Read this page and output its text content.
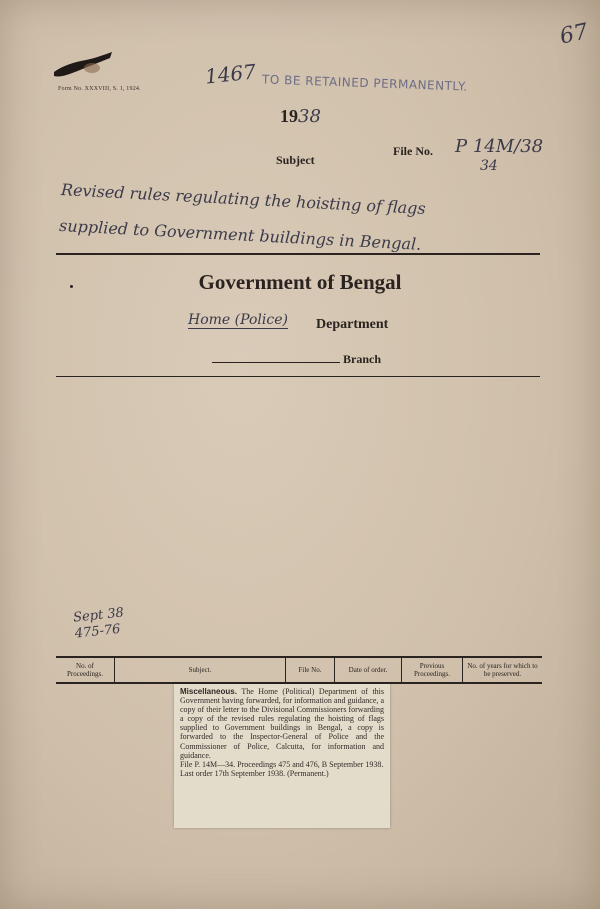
Form No. XXXVIII, S. 1, 1924.
1467 TO BE RETAINED PERMANENTLY.
67
1938
Subject
File No. P 14M/38
34
Revised rules regulating the hoisting of flags
supplied to Government buildings in Bengal.
Government of Bengal
Home (Police) Department
Branch
Sept 38
475-76
No. of Proceedings.	Subject.	File No.	Date of order.	Previous Proceedings.	No. of years for which to be preserved.

Miscellaneous. The Home (Political) Department of this Government having forwarded, for information and guidance, a copy of their letter to the Divisional Commissioners forwarding a copy of the revised rules regulating the hoisting of flags supplied to Government buildings in Bengal, a copy is forwarded to the Inspector-General of Police and the Commissioner of Police, Calcutta, for information and guidance.

File P. 14M—34. Proceedings 475 and 476, B September 1938.

Last order 17th September 1938. (Permanent.)
